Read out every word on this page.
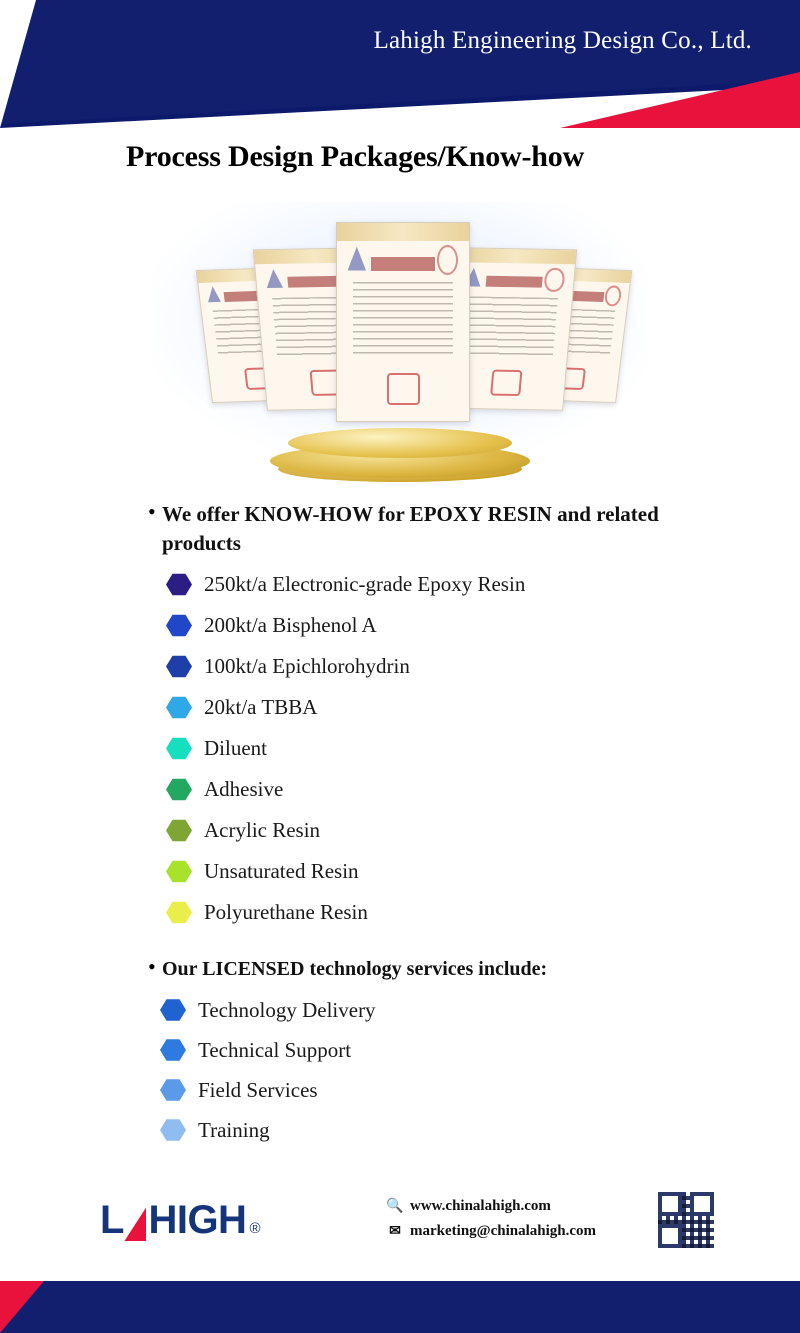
Lahigh Engineering Design Co., Ltd.
Process Design Packages/Know-how
• We offer KNOW-HOW for EPOXY RESIN and related products
250kt/a Electronic-grade Epoxy Resin
200kt/a Bisphenol A
100kt/a Epichlorohydrin
20kt/a TBBA
Diluent
Adhesive
Acrylic Resin
Unsaturated Resin
Polyurethane Resin
• Our LICENSED technology services include:
Technology Delivery
Technical Support
Field Services
Training
L HIGH ®
🔍 www.chinalahigh.com
✉ marketing@chinalahigh.com
